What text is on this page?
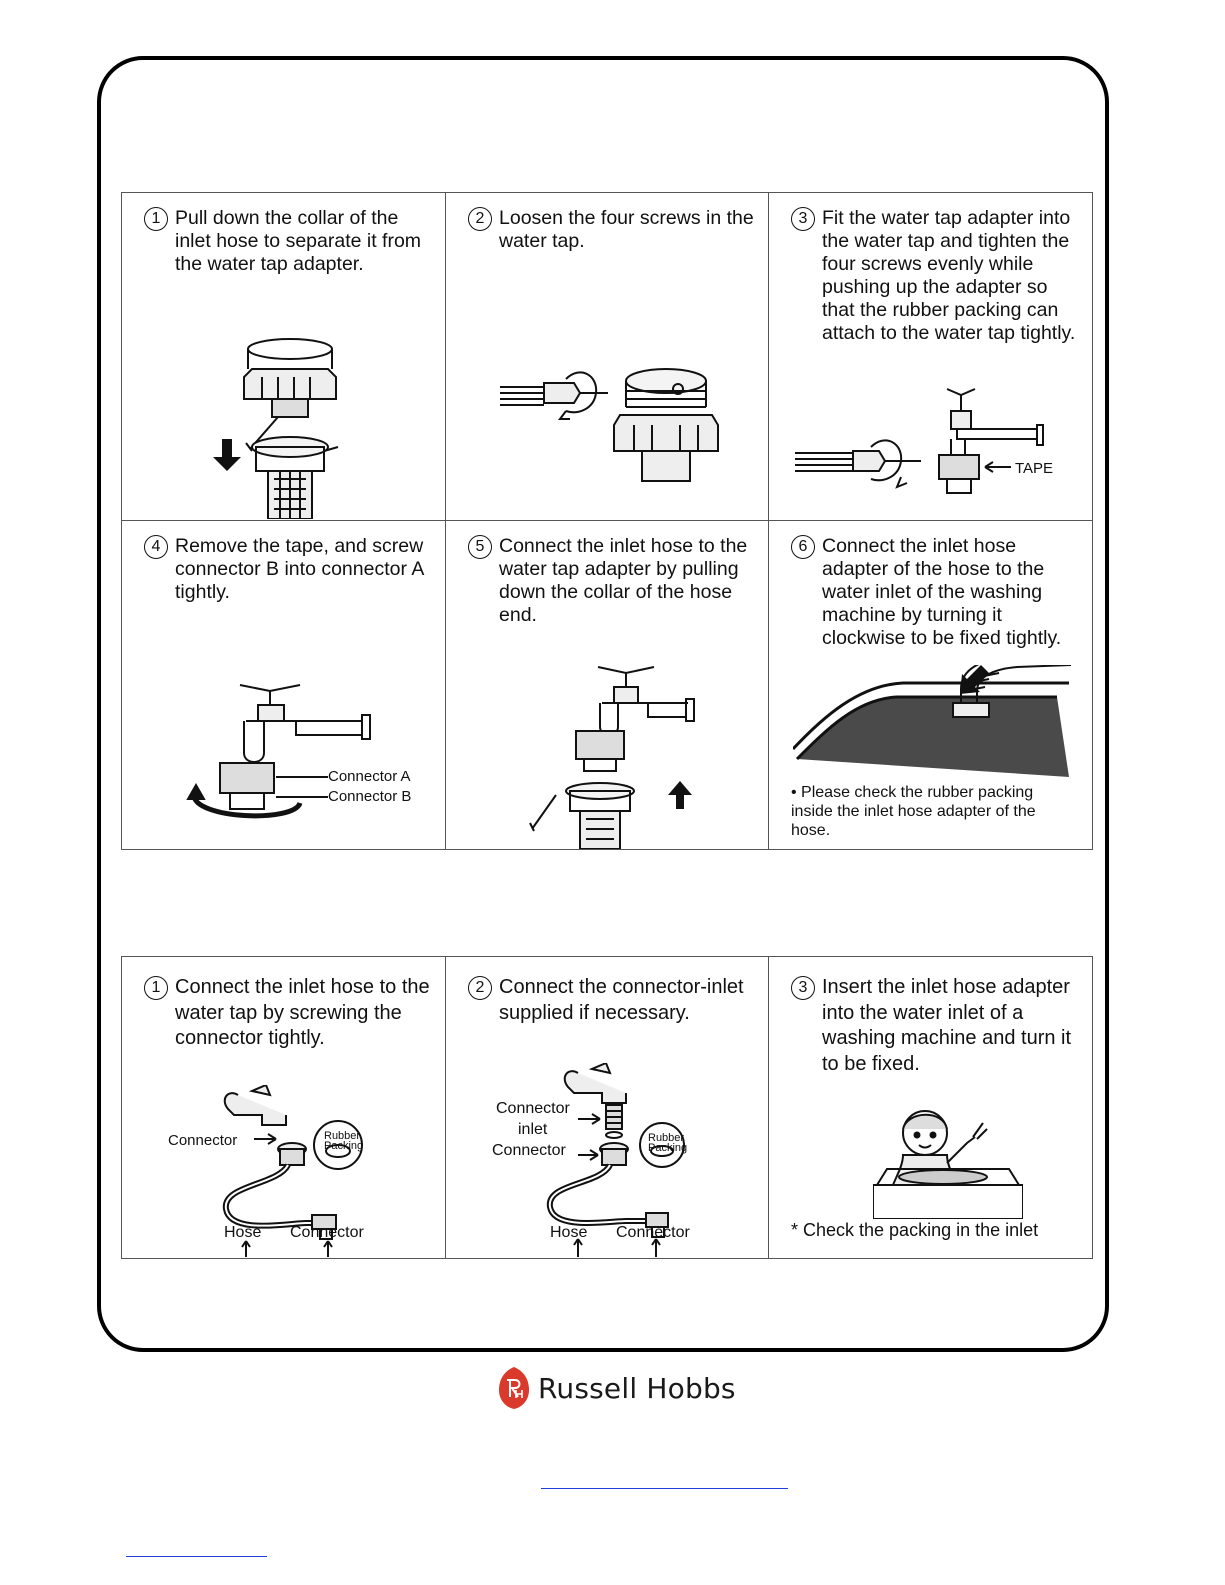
1 Pull down the collar of the inlet hose to separate it from the water tap adapter.
2 Loosen the four screws in the water tap.
3 Fit the water tap adapter into the water tap and tighten the four screws evenly while pushing up the adapter so that the rubber packing can attach to the water tap tightly.
TAPE
4 Remove the tape, and screw connector B into connector A tightly.
Connector A
Connector B
5 Connect the inlet hose to the water tap adapter by pulling down the collar of the hose end.
6 Connect the inlet hose adapter of the hose to the water inlet of the washing machine by turning it clockwise to be fixed tightly.
• Please check the rubber packing inside the inlet hose adapter of the hose.
1 Connect the inlet hose to the water tap by screwing the connector tightly.
Connector	Rubber
Packing
Hose Connector
2 Connect the connector-inlet supplied if necessary.
Rubber
Packing
Connector
inlet
Connector
Hose Connector
3 Insert the inlet hose adapter into the water inlet of a washing machine and turn it to be fixed.
* Check the packing in the inlet
Russell Hobbs
